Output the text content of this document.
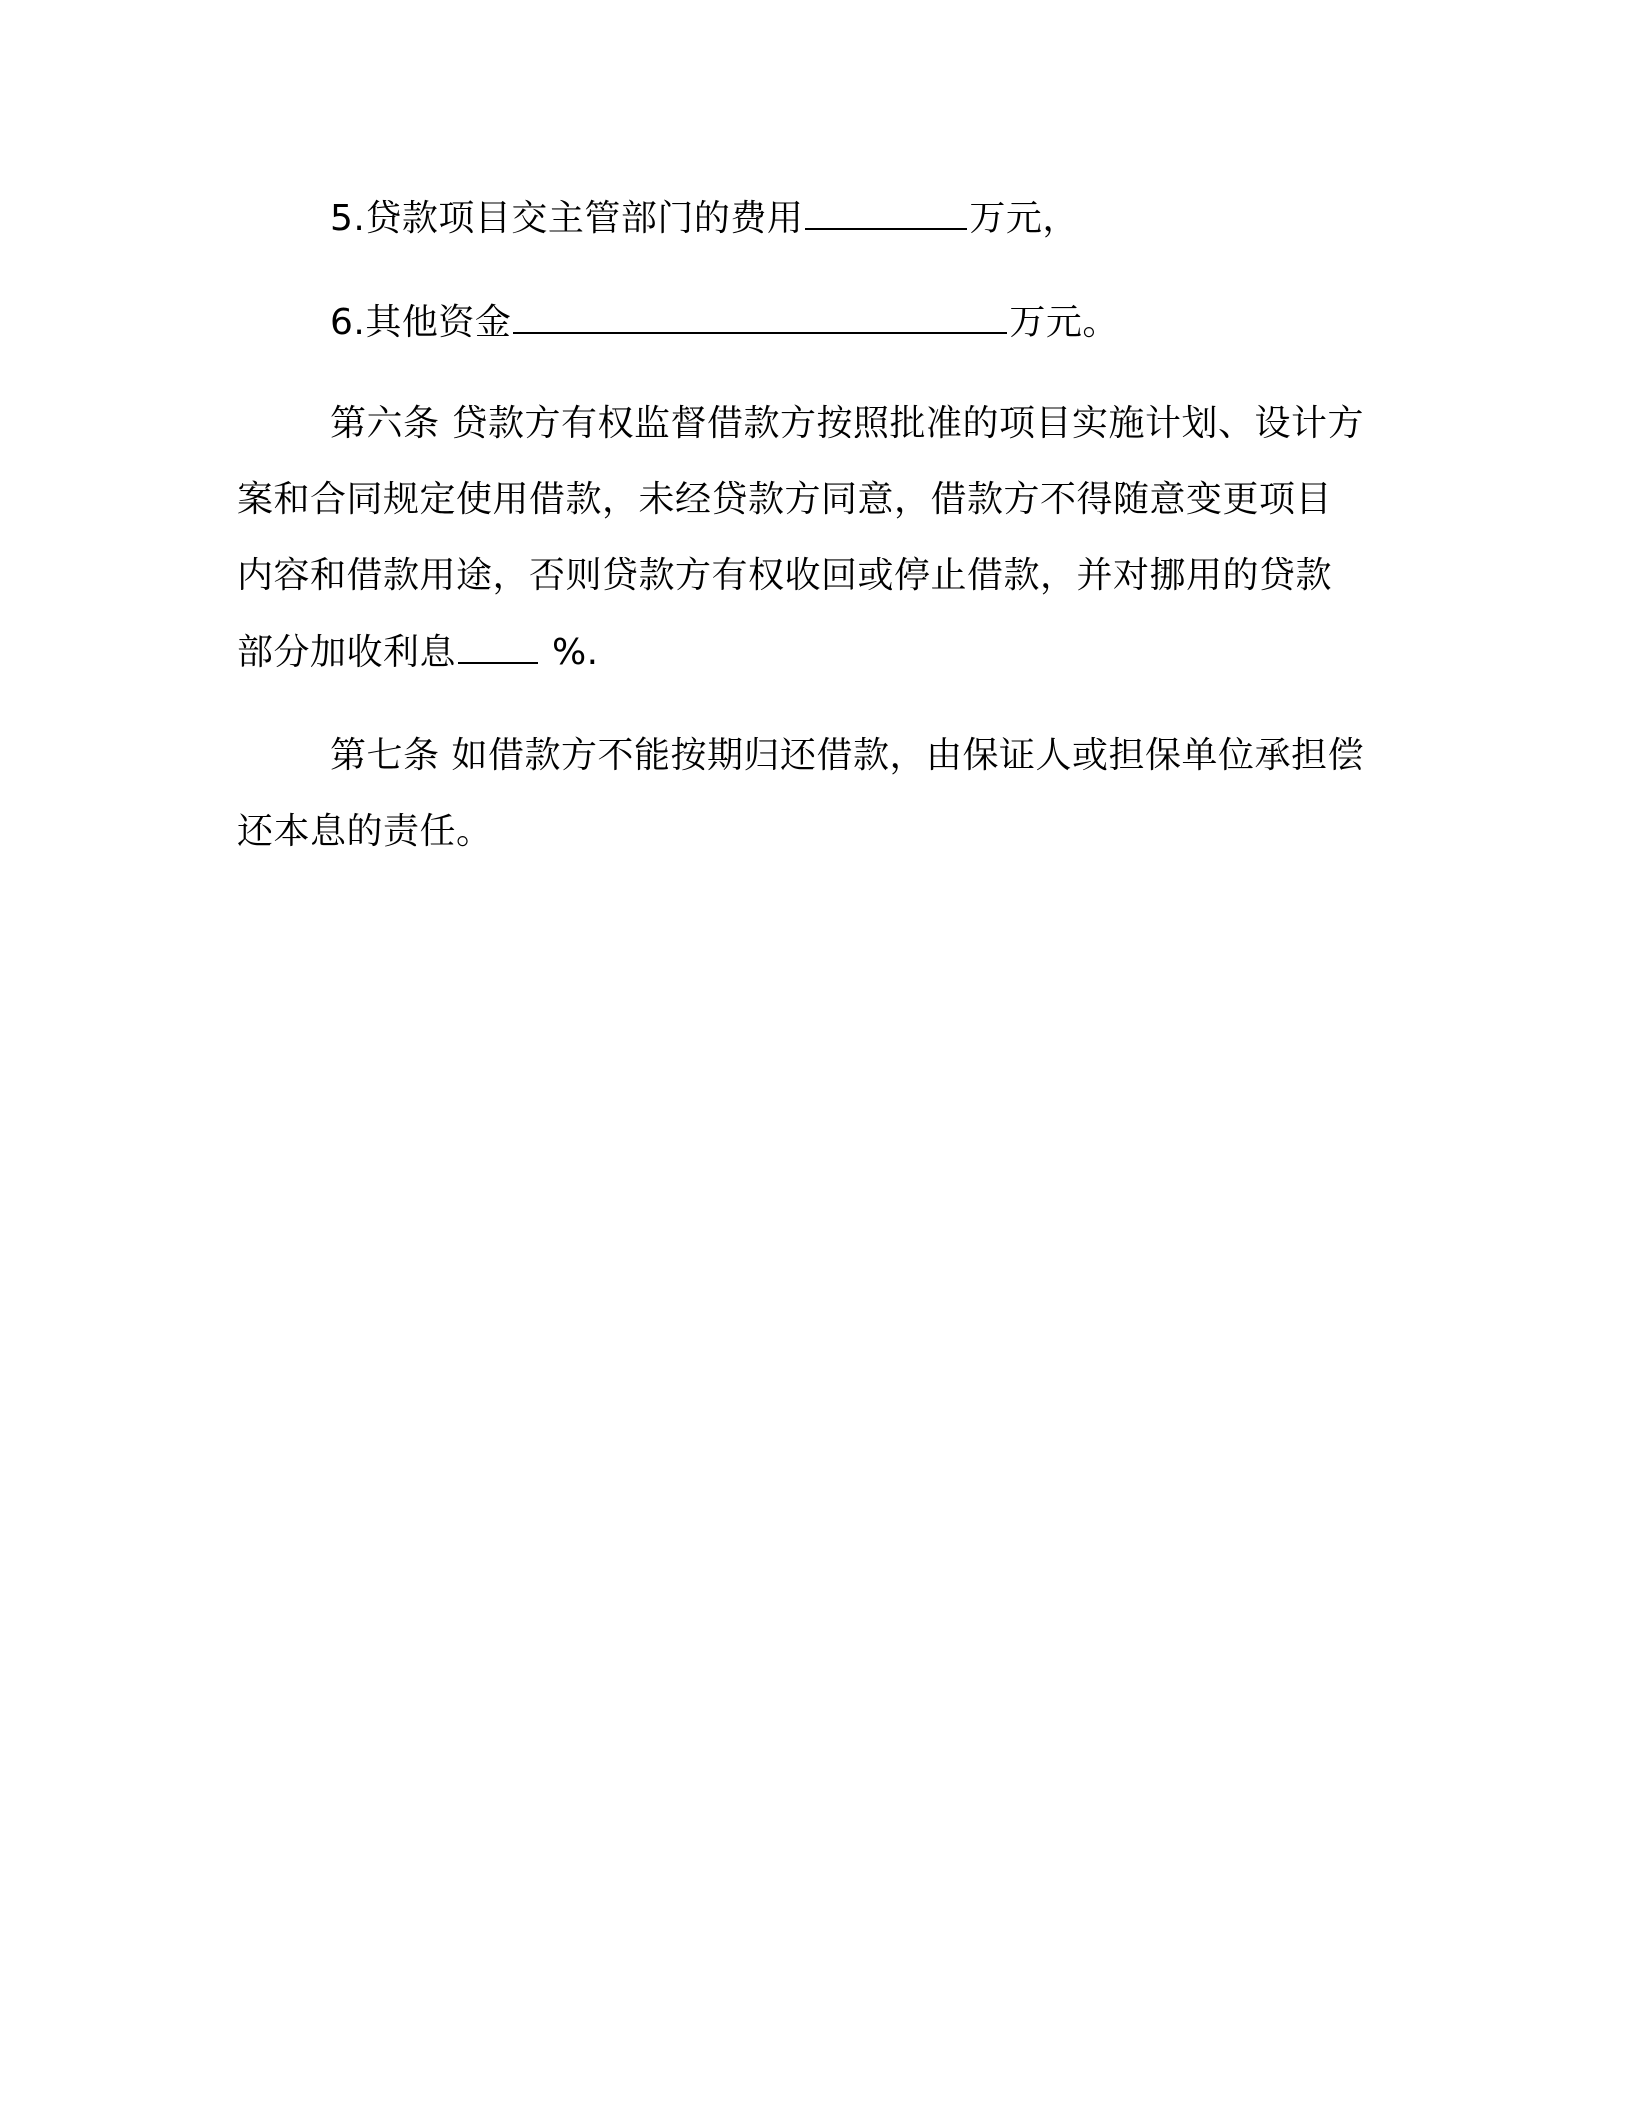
5.贷款项目交主管部门的费用	万元，
6.其他资金	万元。
第六条 贷款方有权监督借款方按照批准的项目实施计划、设计方
案和合同规定使用借款，未经贷款方同意，借款方不得随意变更项目
内容和借款用途，否则贷款方有权收回或停止借款，并对挪用的贷款
部分加收利息 %.
第七条 如借款方不能按期归还借款，由保证人或担保单位承担偿
还本息的责任。
